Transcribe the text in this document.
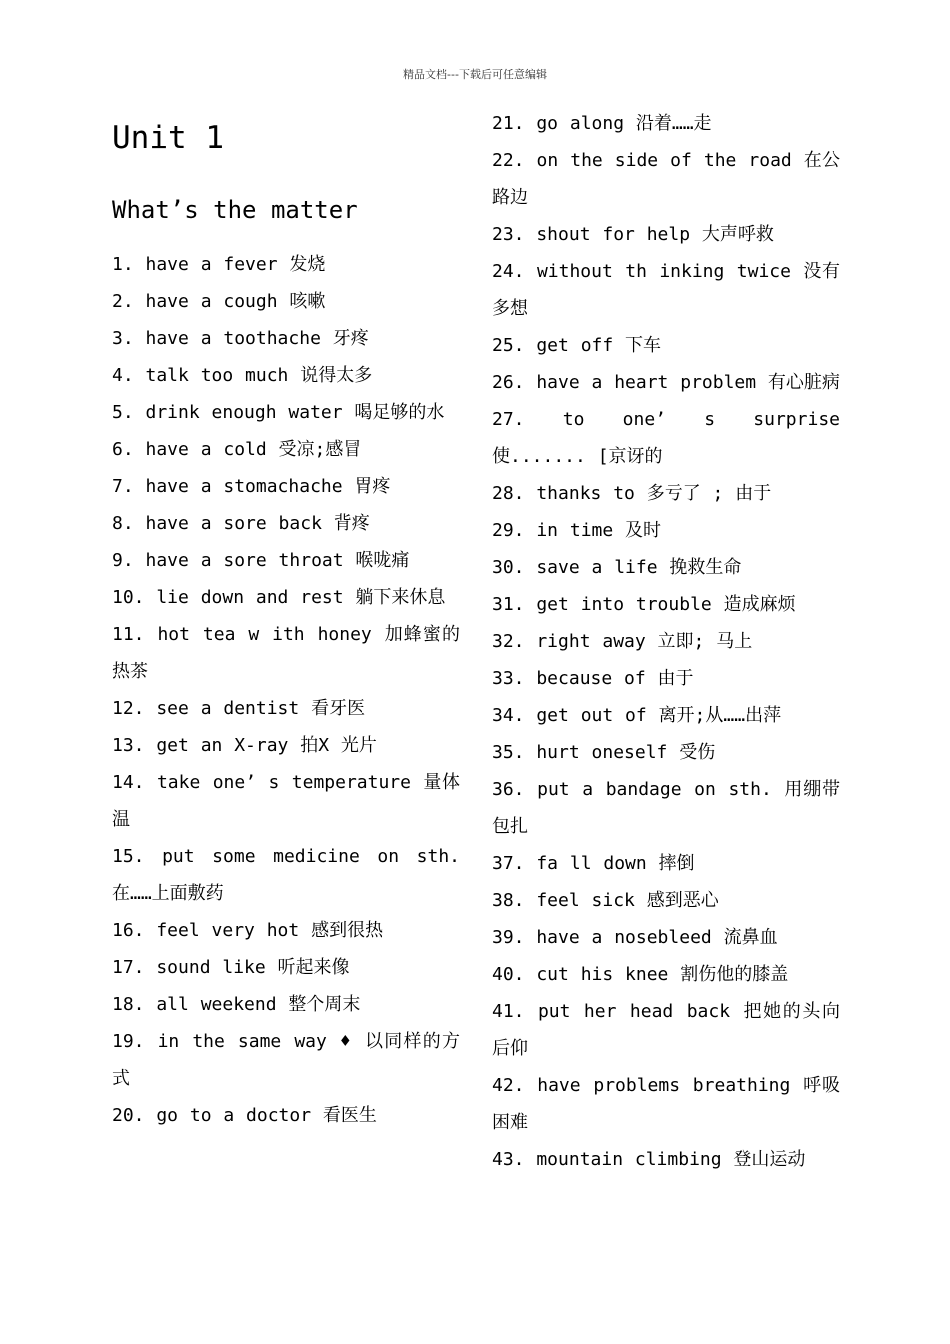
精品文档---下载后可任意编辑
Unit 1
What’s the matter
1. have a fever 发烧
2. have a cough 咳嗽
3. have a toothache 牙疼
4. talk too much 说得太多
5. drink enough water 喝足够的水
6. have a cold 受凉;感冒
7. have a stomachache 胃疼
8. have a sore back 背疼
9. have a sore throat 喉咙痛
10. lie down and rest 躺下来休息
11. hot tea w ith honey 加蜂蜜的热茶
12. see a dentist 看牙医
13. get an X-ray 拍X 光片
14. take one’ s temperature 量体温
15. put some medicine on sth. 在……上面敷药
16. feel very hot 感到很热
17. sound like 听起来像
18. all weekend 整个周末
19. in the same way ♦ 以同样的方式
20. go to a doctor 看医生
21. go along 沿着……走
22. on the side of the road 在公路边
23. shout for help 大声呼救
24. without th inking twice 没有多想
25. get off 下车
26. have a heart problem 有心脏病
27. to one’ s surprise 使....... [京讶的
28. thanks to 多亏了 ; 由于
29. in time 及时
30. save a life 挽救生命
31. get into trouble 造成麻烦
32. right away 立即; 马上
33. because of 由于
34. get out of 离开;从……出萍
35. hurt oneself 受伤
36. put a bandage on sth. 用绷带包扎
37. fa ll down 摔倒
38. feel sick 感到恶心
39. have a nosebleed 流鼻血
40. cut his knee 割伤他的膝盖
41. put her head back 把她的头向后仰
42. have problems breathing 呼吸困难
43. mountain climbing 登山运动
